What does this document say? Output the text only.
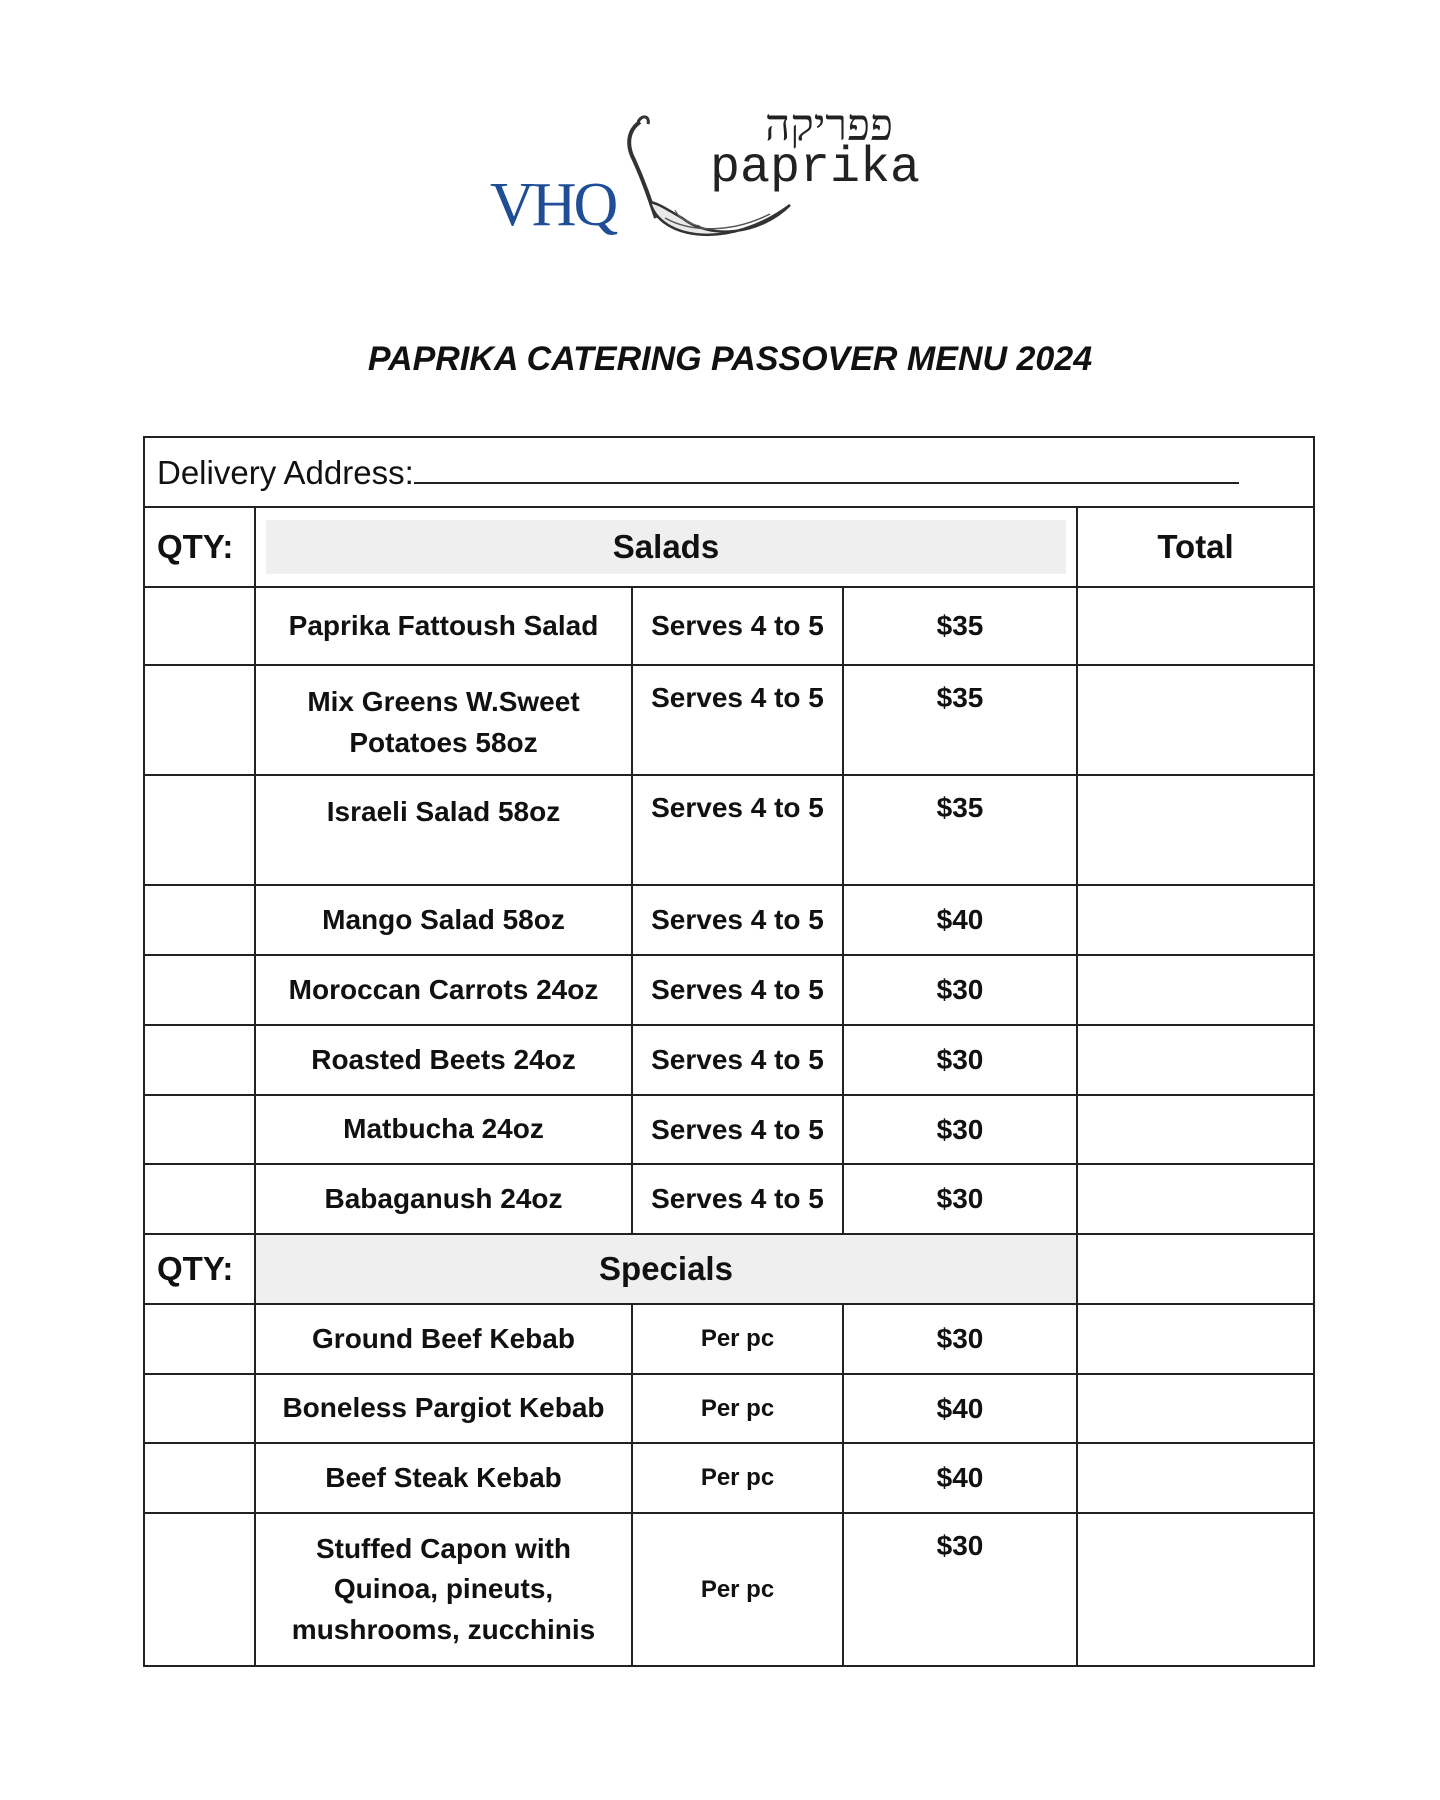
VHQ
פפריקה
paprika
PAPRIKA CATERING PASSOVER MENU 2024
Delivery Address:				
QTY:	Salads			Total
	Paprika Fattoush Salad	Serves 4 to 5	$35	
	Mix Greens W.Sweet Potatoes 58oz	Serves 4 to 5	$35	
	Israeli Salad 58oz	Serves 4 to 5	$35	
	Mango Salad 58oz	Serves 4 to 5	$40	
	Moroccan Carrots 24oz	Serves 4 to 5	$30	
	Roasted Beets 24oz	Serves 4 to 5	$30	
	Matbucha 24oz	Serves 4 to 5	$30	
	Babaganush 24oz	Serves 4 to 5	$30	
QTY:	Specials			
	Ground Beef Kebab	Per pc	$30	
	Boneless Pargiot Kebab	Per pc	$40	
	Beef Steak Kebab	Per pc	$40	
	Stuffed Capon with Quinoa, pineuts, mushrooms, zucchinis	Per pc	$30	
